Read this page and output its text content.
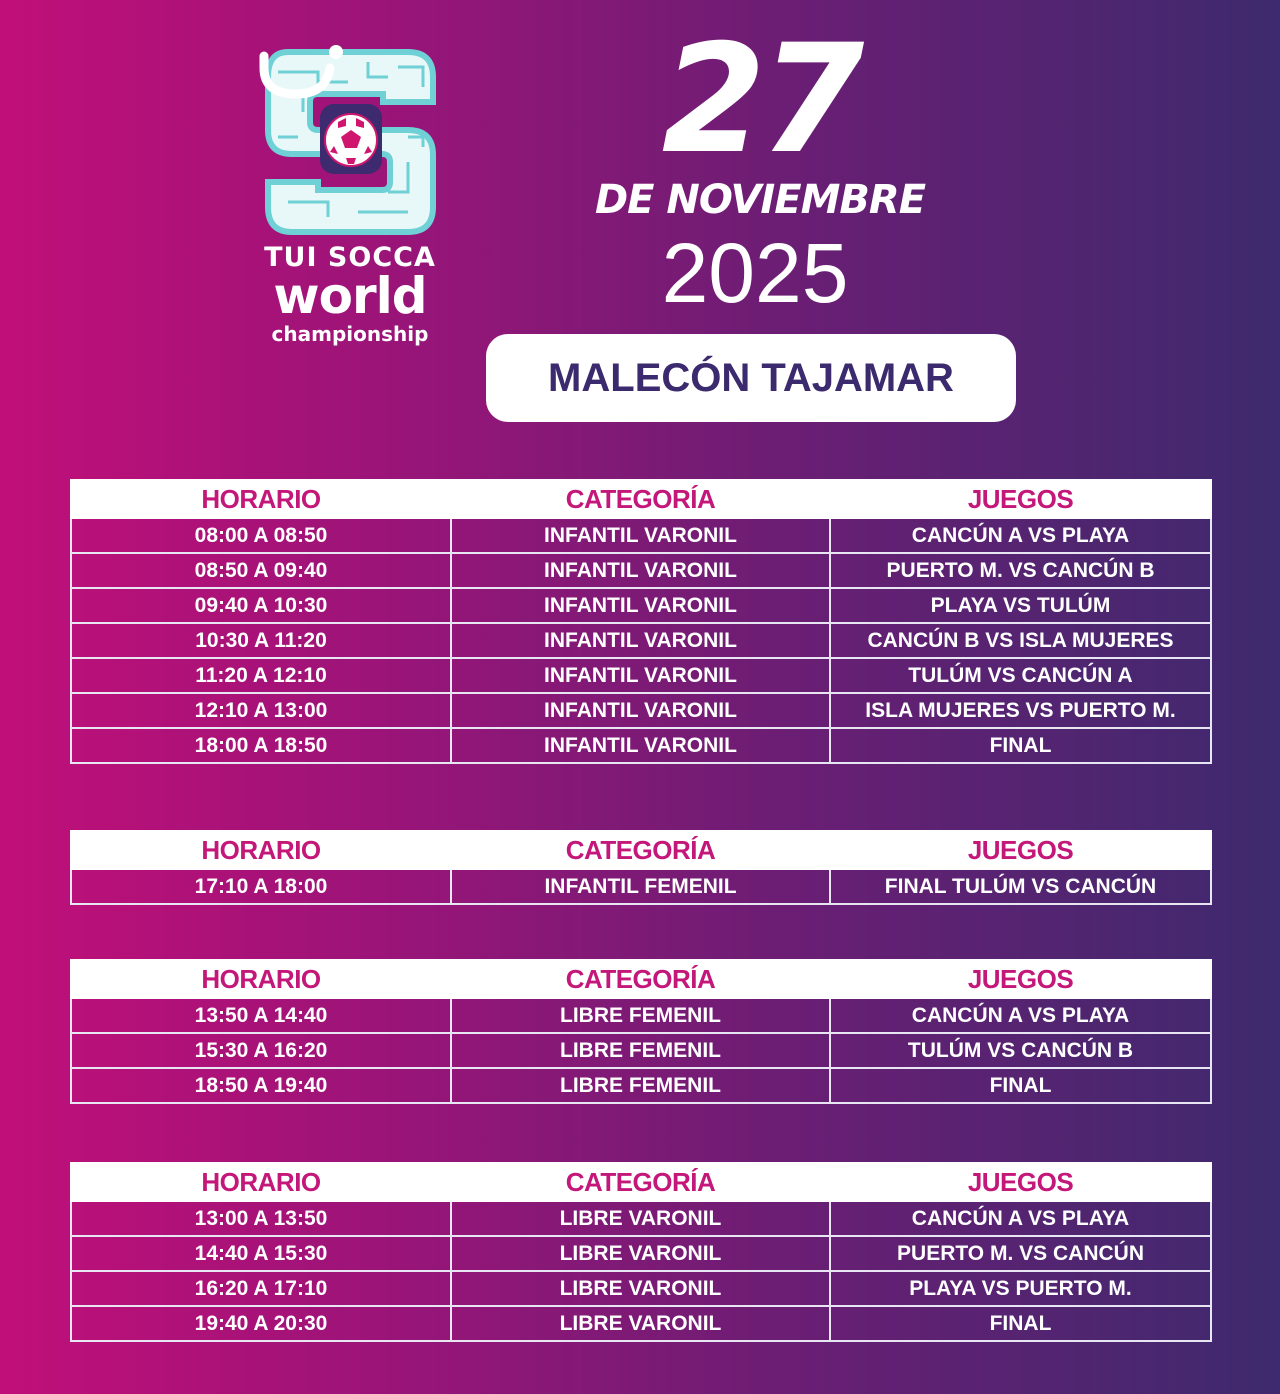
TUI SOCCA
world
championship
27
DE NOVIEMBRE
2025
MALECÓN TAJAMAR
HORARIO	CATEGORÍA	JUEGOS
08:00 A 08:50	INFANTIL VARONIL	CANCÚN A VS PLAYA
08:50 A 09:40	INFANTIL VARONIL	PUERTO M. VS CANCÚN B
09:40 A 10:30	INFANTIL VARONIL	PLAYA VS TULÚM
10:30 A 11:20	INFANTIL VARONIL	CANCÚN B VS ISLA MUJERES
11:20 A 12:10	INFANTIL VARONIL	TULÚM VS CANCÚN A
12:10 A 13:00	INFANTIL VARONIL	ISLA MUJERES VS PUERTO M.
18:00 A 18:50	INFANTIL VARONIL	FINAL
HORARIO	CATEGORÍA	JUEGOS
17:10 A 18:00	INFANTIL FEMENIL	FINAL TULÚM VS CANCÚN
HORARIO	CATEGORÍA	JUEGOS
13:50 A 14:40	LIBRE FEMENIL	CANCÚN A VS PLAYA
15:30 A 16:20	LIBRE FEMENIL	TULÚM VS CANCÚN B
18:50 A 19:40	LIBRE FEMENIL	FINAL
HORARIO	CATEGORÍA	JUEGOS
13:00 A 13:50	LIBRE VARONIL	CANCÚN A VS PLAYA
14:40 A 15:30	LIBRE VARONIL	PUERTO M. VS CANCÚN
16:20 A 17:10	LIBRE VARONIL	PLAYA VS PUERTO M.
19:40 A 20:30	LIBRE VARONIL	FINAL
